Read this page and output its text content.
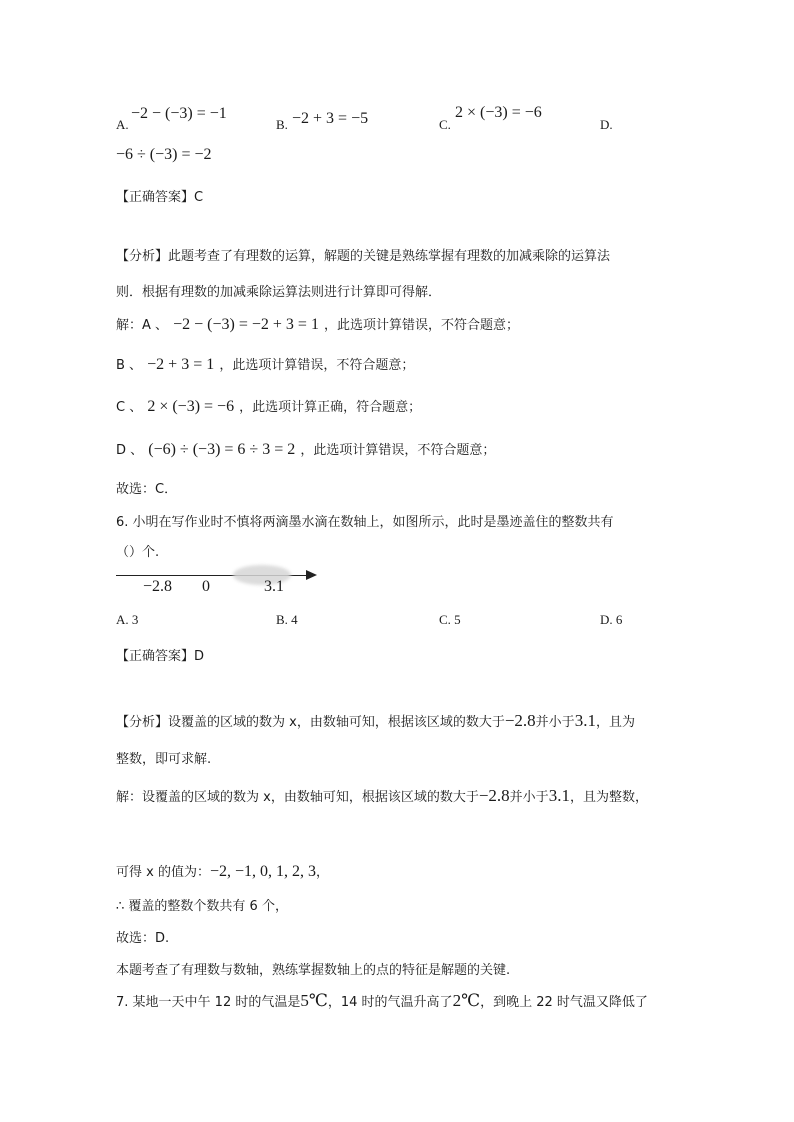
A.
−2 − (−3) = −1
B. −2 + 3 = −5	C.
2 × (−3) = −6
D.
−6 ÷ (−3) = −2
【正确答案】C
【分析】此题考查了有理数的运算，解题的关键是熟练掌握有理数的加减乘除的运算法
则．根据有理数的加减乘除运算法则进行计算即可得解．
解：A 、 −2 − (−3) = −2 + 3 = 1 ，此选项计算错误，不符合题意；
B 、 −2 + 3 = 1 ，此选项计算错误，不符合题意；
C 、 2 × (−3) = −6 ，此选项计算正确，符合题意；
D 、 (−6) ÷ (−3) = 6 ÷ 3 = 2 ，此选项计算错误，不符合题意；
故选：C．
6. 小明在写作业时不慎将两滴墨水滴在数轴上，如图所示，此时是墨迹盖住的整数共有
（）个.
−2.8 0	3.1
A. 3	B. 4	C. 5	D. 6
【正确答案】D
【分析】设覆盖的区域的数为 x，由数轴可知，根据该区域的数大于−2.8并小于3.1，且为
整数，即可求解.
解：设覆盖的区域的数为 x，由数轴可知，根据该区域的数大于−2.8并小于3.1，且为整数，
可得 x 的值为：−2, −1, 0, 1, 2, 3，
∴ 覆盖的整数个数共有 6 个，
故选：D.
本题考查了有理数与数轴，熟练掌握数轴上的点的特征是解题的关键.
7. 某地一天中午 12 时的气温是5℃，14 时的气温升高了2℃，到晚上 22 时气温又降低了
